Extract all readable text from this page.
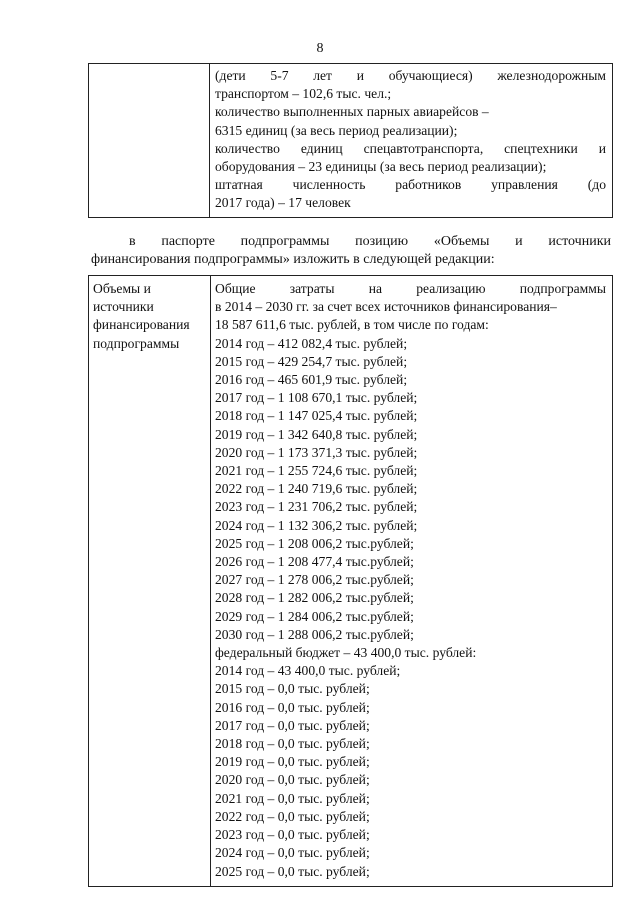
8

(дети 5-7 лет и обучающиеся) железнодорожным
транспортом – 102,6 тыс. чел.;
количество выполненных парных авиарейсов –
6315 единиц (за весь период реализации);
количество единиц спецавтотранспорта, спецтехники и
оборудования – 23 единицы (за весь период реализации);
штатная численность работников управления (до
2017 года) – 17 человек
в паспорте подпрограммы позицию «Объемы и источники
финансирования подпрограммы» изложить в следующей редакции:
Объемы и
источники
финансирования
подпрограммы

Общие затраты на реализацию подпрограммы
в 2014 – 2030 гг. за счет всех источников финансирования–
18 587 611,6 тыс. рублей, в том числе по годам:
2014 год – 412 082,4 тыс. рублей;
2015 год – 429 254,7 тыс. рублей;
2016 год – 465 601,9 тыс. рублей;
2017 год – 1 108 670,1 тыс. рублей;
2018 год – 1 147 025,4 тыс. рублей;
2019 год – 1 342 640,8 тыс. рублей;
2020 год – 1 173 371,3 тыс. рублей;
2021 год – 1 255 724,6 тыс. рублей;
2022 год – 1 240 719,6 тыс. рублей;
2023 год – 1 231 706,2 тыс. рублей;
2024 год – 1 132 306,2 тыс. рублей;
2025 год – 1 208 006,2 тыс.рублей;
2026 год – 1 208 477,4 тыс.рублей;
2027 год – 1 278 006,2 тыс.рублей;
2028 год – 1 282 006,2 тыс.рублей;
2029 год – 1 284 006,2 тыс.рублей;
2030 год – 1 288 006,2 тыс.рублей;
федеральный бюджет – 43 400,0 тыс. рублей:
2014 год – 43 400,0 тыс. рублей;
2015 год – 0,0 тыс. рублей;
2016 год – 0,0 тыс. рублей;
2017 год – 0,0 тыс. рублей;
2018 год – 0,0 тыс. рублей;
2019 год – 0,0 тыс. рублей;
2020 год – 0,0 тыс. рублей;
2021 год – 0,0 тыс. рублей;
2022 год – 0,0 тыс. рублей;
2023 год – 0,0 тыс. рублей;
2024 год – 0,0 тыс. рублей;
2025 год – 0,0 тыс. рублей;
